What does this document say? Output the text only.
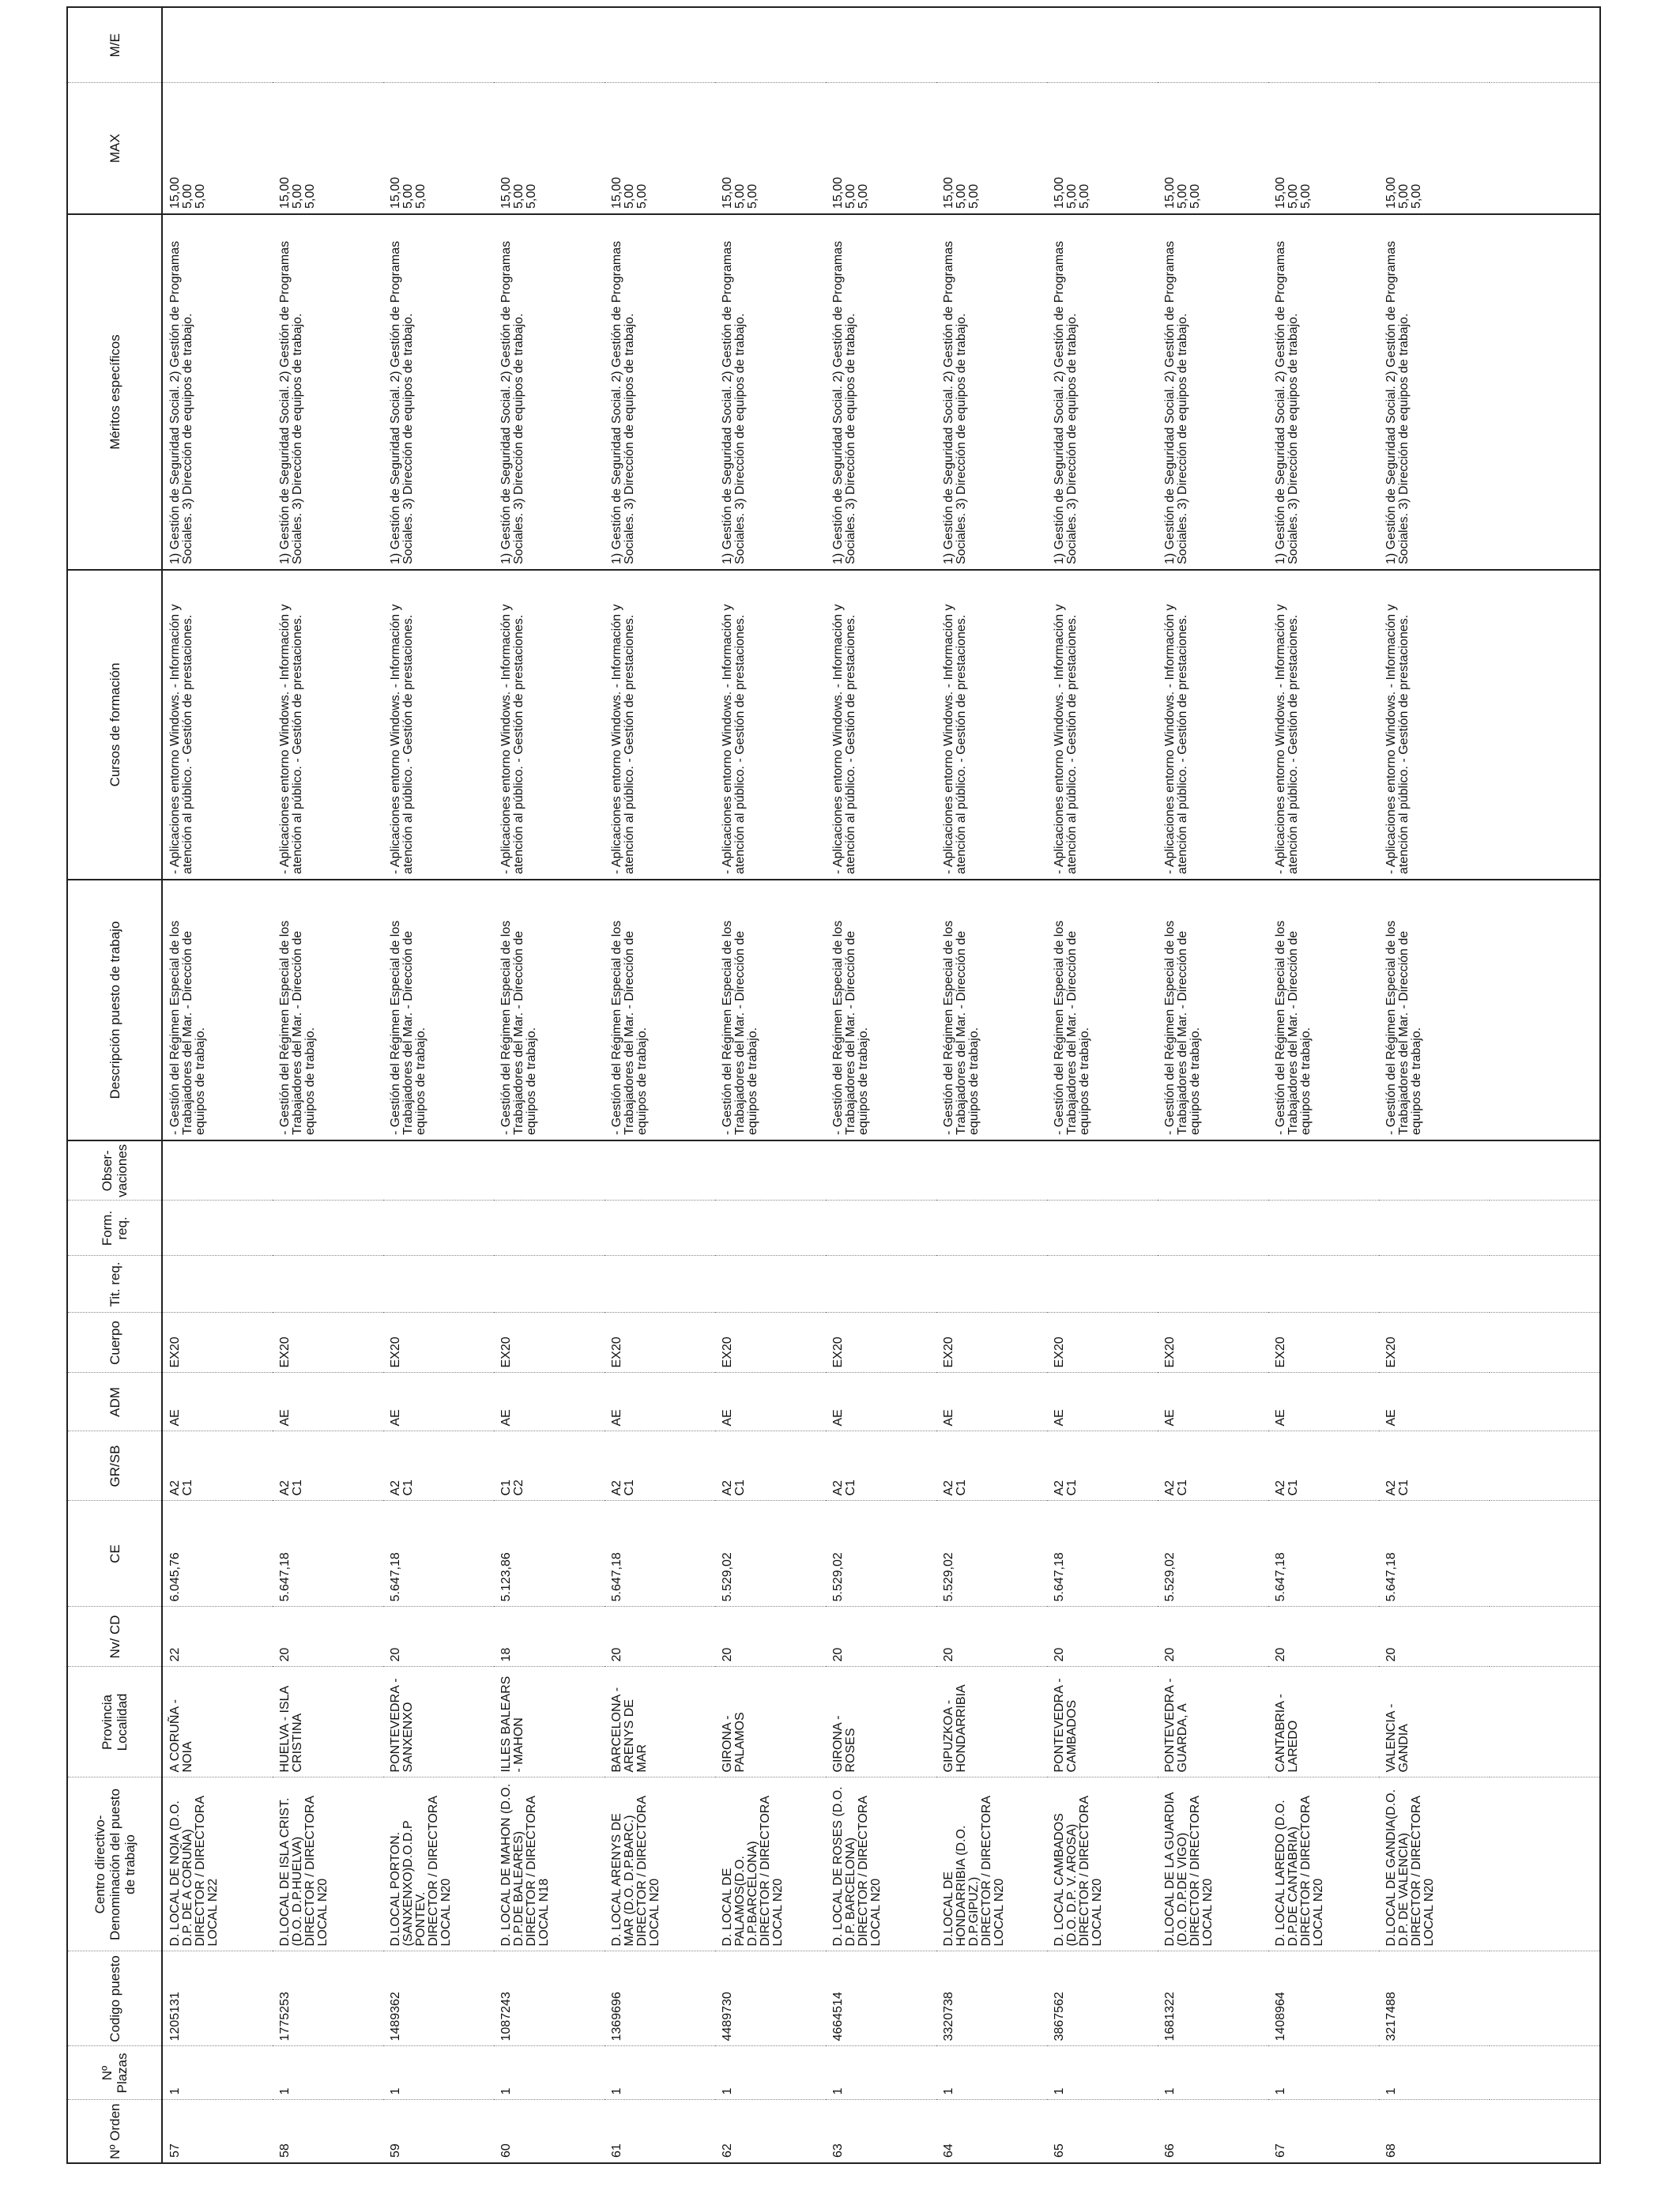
Nº Orden	Nº Plazas	Codigo puesto	Centro directivo- Denominación del puesto de trabajo	Provincia Localidad	Nv/ CD	CE	GR/SB	ADM	Cuerpo	Tit. req.	Form. req.	Obser- vaciones	Descripción puesto de trabajo	Cursos de formación	Méritos específicos	MAX	M/E
57	1	1205131	D. LOCAL DE NOIA (D.O. D.P. DE A CORUÑA) DIRECTOR / DIRECTORA LOCAL N22	A CORUÑA - NOIA	22	6.045,76	A2 C1	AE	EX20				- Gestión del Régimen Especial de los Trabajadores del Mar. - Dirección de equipos de trabajo.	- Aplicaciones entorno Windows. - Información y atención al público. - Gestión de prestaciones.	1) Gestión de Seguridad Social. 2) Gestión de Programas Sociales. 3) Dirección de equipos de trabajo.	15,00 5,00 5,00	

58	1	1775253	D.LOCAL DE ISLA CRIST. (D.O. D.P.HUELVA) DIRECTOR / DIRECTORA LOCAL N20	HUELVA - ISLA CRISTINA	20	5.647,18	A2 C1	AE	EX20				- Gestión del Régimen Especial de los Trabajadores del Mar. - Dirección de equipos de trabajo.	- Aplicaciones entorno Windows. - Información y atención al público. - Gestión de prestaciones.	1) Gestión de Seguridad Social. 2) Gestión de Programas Sociales. 3) Dirección de equipos de trabajo.	15,00 5,00 5,00	

59	1	1489362	D.LOCAL PORTON.(SANXENXO)D.O.D.P PONTEV. DIRECTOR / DIRECTORA LOCAL N20	PONTEVEDRA - SANXENXO	20	5.647,18	A2 C1	AE	EX20				- Gestión del Régimen Especial de los Trabajadores del Mar. - Dirección de equipos de trabajo.	- Aplicaciones entorno Windows. - Información y atención al público. - Gestión de prestaciones.	1) Gestión de Seguridad Social. 2) Gestión de Programas Sociales. 3) Dirección de equipos de trabajo.	15,00 5,00 5,00	

60	1	1087243	D. LOCAL DE MAHON (D.O. D.P.DE BALEARES) DIRECTOR / DIRECTORA LOCAL N18	ILLES BALEARS - MAHON	18	5.123,86	C1 C2	AE	EX20				- Gestión del Régimen Especial de los Trabajadores del Mar. - Dirección de equipos de trabajo.	- Aplicaciones entorno Windows. - Información y atención al público. - Gestión de prestaciones.	1) Gestión de Seguridad Social. 2) Gestión de Programas Sociales. 3) Dirección de equipos de trabajo.	15,00 5,00 5,00	

61	1	1369696	D. LOCAL ARENYS DE MAR (D.O. D.P.BARC.) DIRECTOR / DIRECTORA LOCAL N20	BARCELONA - ARENYS DE MAR	20	5.647,18	A2 C1	AE	EX20				- Gestión del Régimen Especial de los Trabajadores del Mar. - Dirección de equipos de trabajo.	- Aplicaciones entorno Windows. - Información y atención al público. - Gestión de prestaciones.	1) Gestión de Seguridad Social. 2) Gestión de Programas Sociales. 3) Dirección de equipos de trabajo.	15,00 5,00 5,00	

62	1	4489730	D. LOCAL DE PALAMOS(D.O. D.P.BARCELONA) DIRECTOR / DIRECTORA LOCAL N20	GIRONA - PALAMOS	20	5.529,02	A2 C1	AE	EX20				- Gestión del Régimen Especial de los Trabajadores del Mar. - Dirección de equipos de trabajo.	- Aplicaciones entorno Windows. - Información y atención al público. - Gestión de prestaciones.	1) Gestión de Seguridad Social. 2) Gestión de Programas Sociales. 3) Dirección de equipos de trabajo.	15,00 5,00 5,00	

63	1	4664514	D. LOCAL DE ROSES (D.O. D.P. BARCELONA) DIRECTOR / DIRECTORA LOCAL N20	GIRONA - ROSES	20	5.529,02	A2 C1	AE	EX20				- Gestión del Régimen Especial de los Trabajadores del Mar. - Dirección de equipos de trabajo.	- Aplicaciones entorno Windows. - Información y atención al público. - Gestión de prestaciones.	1) Gestión de Seguridad Social. 2) Gestión de Programas Sociales. 3) Dirección de equipos de trabajo.	15,00 5,00 5,00	

64	1	3320738	D.LOCAL DE HONDARRIBIA (D.O. D.P.GIPUZ.) DIRECTOR / DIRECTORA LOCAL N20	GIPUZKOA - HONDARRIBIA	20	5.529,02	A2 C1	AE	EX20				- Gestión del Régimen Especial de los Trabajadores del Mar. - Dirección de equipos de trabajo.	- Aplicaciones entorno Windows. - Información y atención al público. - Gestión de prestaciones.	1) Gestión de Seguridad Social. 2) Gestión de Programas Sociales. 3) Dirección de equipos de trabajo.	15,00 5,00 5,00	

65	1	3867562	D. LOCAL CAMBADOS (D.O. D.P. V. AROSA) DIRECTOR / DIRECTORA LOCAL N20	PONTEVEDRA - CAMBADOS	20	5.647,18	A2 C1	AE	EX20				- Gestión del Régimen Especial de los Trabajadores del Mar. - Dirección de equipos de trabajo.	- Aplicaciones entorno Windows. - Información y atención al público. - Gestión de prestaciones.	1) Gestión de Seguridad Social. 2) Gestión de Programas Sociales. 3) Dirección de equipos de trabajo.	15,00 5,00 5,00	

66	1	1681322	D.LOCAL DE LA GUARDIA (D.O. D.P.DE VIGO) DIRECTOR / DIRECTORA LOCAL N20	PONTEVEDRA - GUARDA, A	20	5.529,02	A2 C1	AE	EX20				- Gestión del Régimen Especial de los Trabajadores del Mar. - Dirección de equipos de trabajo.	- Aplicaciones entorno Windows. - Información y atención al público. - Gestión de prestaciones.	1) Gestión de Seguridad Social. 2) Gestión de Programas Sociales. 3) Dirección de equipos de trabajo.	15,00 5,00 5,00	

67	1	1408964	D. LOCAL LAREDO (D.O. D.P.DE CANTABRIA) DIRECTOR / DIRECTORA LOCAL N20	CANTABRIA - LAREDO	20	5.647,18	A2 C1	AE	EX20				- Gestión del Régimen Especial de los Trabajadores del Mar. - Dirección de equipos de trabajo.	- Aplicaciones entorno Windows. - Información y atención al público. - Gestión de prestaciones.	1) Gestión de Seguridad Social. 2) Gestión de Programas Sociales. 3) Dirección de equipos de trabajo.	15,00 5,00 5,00	

68	1	3217488	D.LOCAL DE GANDIA(D.O. D.P. DE VALENCIA) DIRECTOR / DIRECTORA LOCAL N20	VALENCIA - GANDIA	20	5.647,18	A2 C1	AE	EX20				- Gestión del Régimen Especial de los Trabajadores del Mar. - Dirección de equipos de trabajo.	- Aplicaciones entorno Windows. - Información y atención al público. - Gestión de prestaciones.	1) Gestión de Seguridad Social. 2) Gestión de Programas Sociales. 3) Dirección de equipos de trabajo.	15,00 5,00 5,00	
